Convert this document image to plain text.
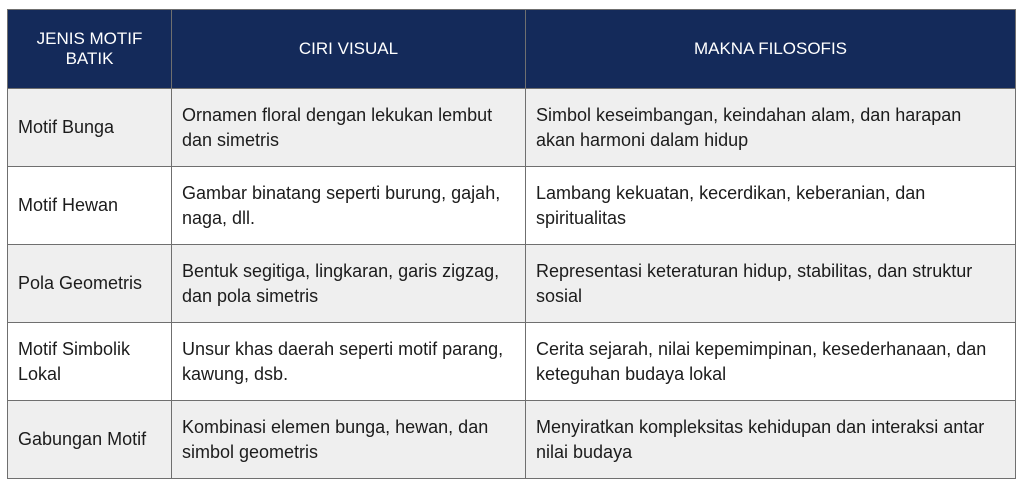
JENIS MOTIF BATIK	CIRI VISUAL	MAKNA FILOSOFIS
Motif Bunga	Ornamen floral dengan lekukan lembut dan simetris	Simbol keseimbangan, keindahan alam, dan harapan akan harmoni dalam hidup
Motif Hewan	Gambar binatang seperti burung, gajah, naga, dll.	Lambang kekuatan, kecerdikan, keberanian, dan spiritualitas
Pola Geometris	Bentuk segitiga, lingkaran, garis zigzag, dan pola simetris	Representasi keteraturan hidup, stabilitas, dan struktur sosial
Motif Simbolik Lokal	Unsur khas daerah seperti motif parang, kawung, dsb.	Cerita sejarah, nilai kepemimpinan, kesederhanaan, dan keteguhan budaya lokal
Gabungan Motif	Kombinasi elemen bunga, hewan, dan simbol geometris	Menyiratkan kompleksitas kehidupan dan interaksi antar nilai budaya
